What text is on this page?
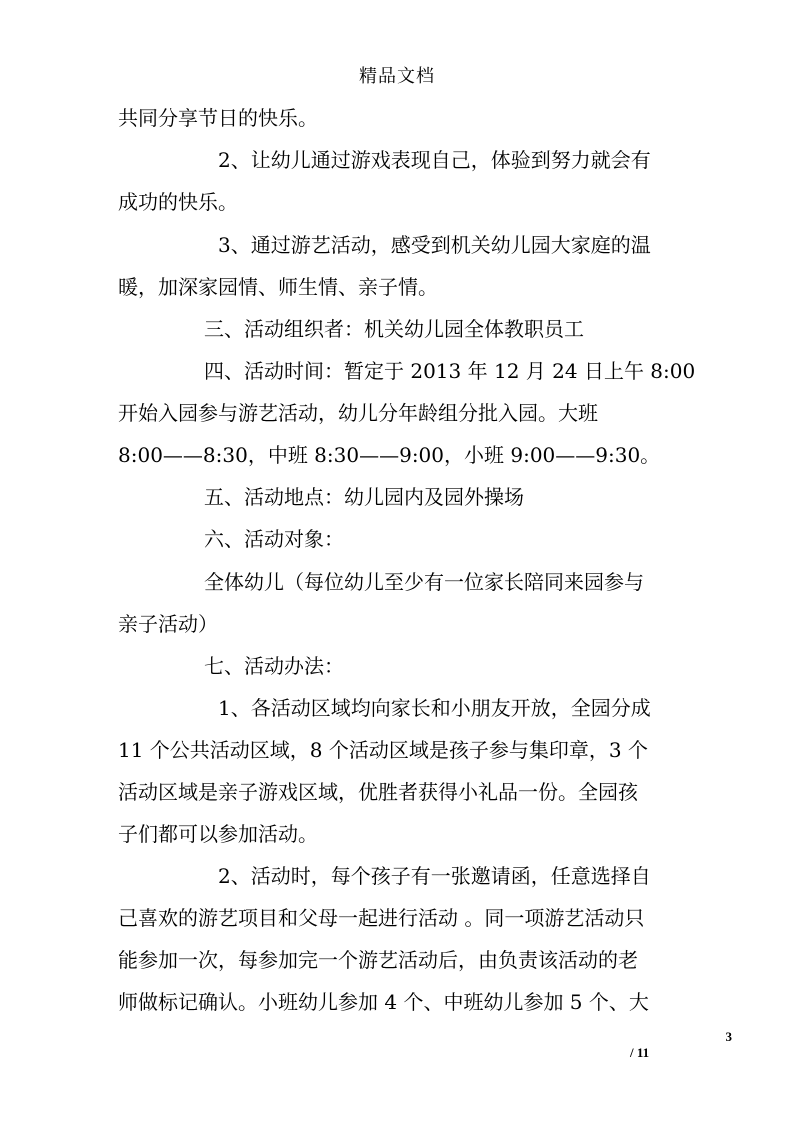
精品文档
共同分享节日的快乐。
2、让幼儿通过游戏表现自己，体验到努力就会有
成功的快乐。
3、通过游艺活动，感受到机关幼儿园大家庭的温
暖，加深家园情、师生情、亲子情。
三、活动组织者：机关幼儿园全体教职员工
四、活动时间：暂定于 2013 年 12 月 24 日上午 8:00
开始入园参与游艺活动，幼儿分年龄组分批入园。大班
8:00——8:30，中班 8:30——9:00，小班 9:00——9:30。
五、活动地点：幼儿园内及园外操场
六、活动对象：
全体幼儿（每位幼儿至少有一位家长陪同来园参与
亲子活动）
七、活动办法：
1、各活动区域均向家长和小朋友开放，全园分成
11 个公共活动区域，8 个活动区域是孩子参与集印章，3 个
活动区域是亲子游戏区域，优胜者获得小礼品一份。全园孩
子们都可以参加活动。
2、活动时，每个孩子有一张邀请函，任意选择自
己喜欢的游艺项目和父母一起进行活动 。同一项游艺活动只
能参加一次，每参加完一个游艺活动后，由负责该活动的老
师做标记确认。小班幼儿参加 4 个、中班幼儿参加 5 个、大
3
/ 11
